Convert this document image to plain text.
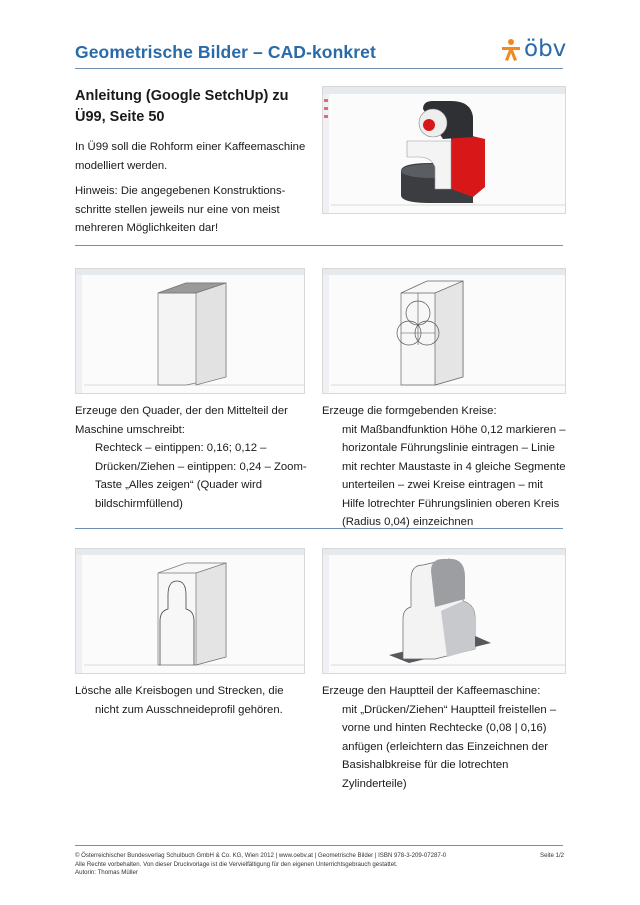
Geometrische Bilder – CAD-konkret	öbv
Anleitung (Google SetchUp) zu Ü99, Seite 50
In Ü99 soll die Rohform einer Kaffeemaschine modelliert werden.
Hinweis: Die angegebenen Konstruktions-schritte stellen jeweils nur eine von meist mehreren Möglichkeiten dar!
Erzeuge den Quader, der den Mittelteil der Maschine umschreibt:
Rechteck – eintippen: 0,16; 0,12 – Drücken/Ziehen – eintippen: 0,24 – Zoom-Taste „Alles zeigen“ (Quader wird bildschirmfüllend)
Erzeuge die formgebenden Kreise:
mit Maßbandfunktion Höhe 0,12 markieren – horizontale Führungslinie eintragen – Linie mit rechter Maustaste in 4 gleiche Segmente unterteilen – zwei Kreise eintragen – mit Hilfe lotrechter Führungslinien oberen Kreis (Radius 0,04) einzeichnen
Lösche alle Kreisbogen und Strecken, die nicht zum Ausschneideprofil gehören.
Erzeuge den Hauptteil der Kaffeemaschine:
mit „Drücken/Ziehen“ Hauptteil freistellen – vorne und hinten Rechtecke (0,08 | 0,16) anfügen (erleichtern das Einzeichnen der Basishalbkreise für die lotrechten Zylinderteile)
© Österreichischer Bundesverlag Schulbuch GmbH & Co. KG, Wien 2012 | www.oebv.at | Geometrische Bilder | ISBN 978-3-209-07287-0
Alle Rechte vorbehalten. Von dieser Druckvorlage ist die Vervielfältigung für den eigenen Unterrichtsgebrauch gestattet.
Autorin: Thomas Müller
Seite 1/2
